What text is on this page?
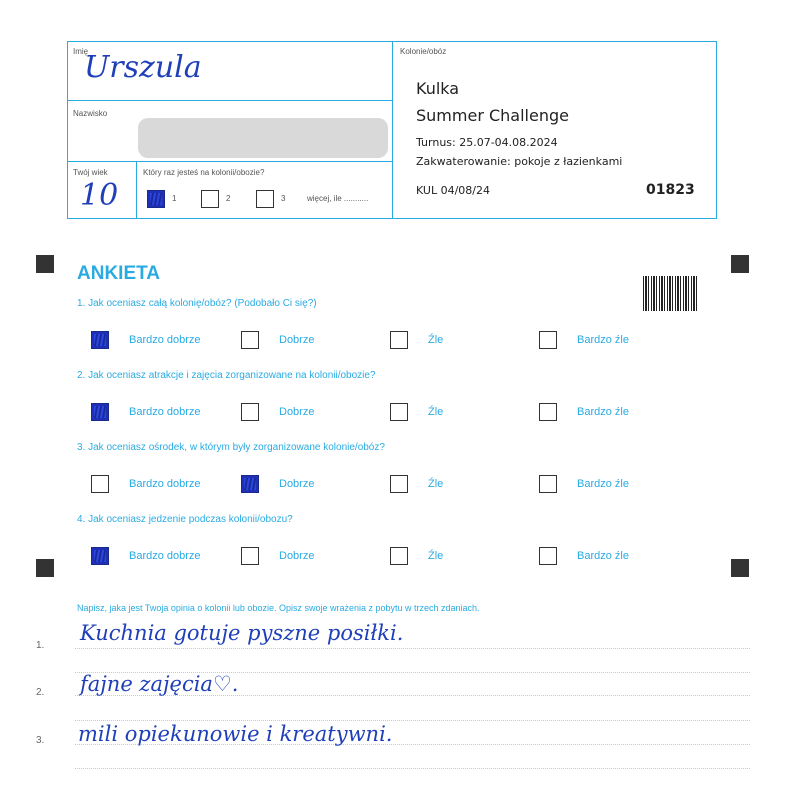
Imię
Urszula
Nazwisko
Twój wiek
10
Który raz jesteś na kolonii/obozie?
1	2	3	więcej, ile ...........
Kolonie/obóz
Kulka
Summer Challenge
Turnus: 25.07-04.08.2024
Zakwaterowanie: pokoje z łazienkami
KUL 04/08/24	01823
ANKIETA
1. Jak oceniasz całą kolonię/obóz? (Podobało Ci się?)
Bardzo dobrze	Dobrze	Źle	Bardzo źle
2. Jak oceniasz atrakcje i zajęcia zorganizowane na kolonii/obozie?
Bardzo dobrze	Dobrze	Źle	Bardzo źle
3. Jak oceniasz ośrodek, w którym były zorganizowane kolonie/obóz?
Bardzo dobrze	Dobrze	Źle	Bardzo źle
4. Jak oceniasz jedzenie podczas kolonii/obozu?
Bardzo dobrze	Dobrze	Źle	Bardzo źle
Napisz, jaka jest Twoja opinia o kolonii lub obozie. Opisz swoje wrażenia z pobytu w trzech zdaniach.
1.
2.
3.
Kuchnia gotuje pyszne posiłki.
fajne zajęcia♡.
mili opiekunowie i kreatywni.
